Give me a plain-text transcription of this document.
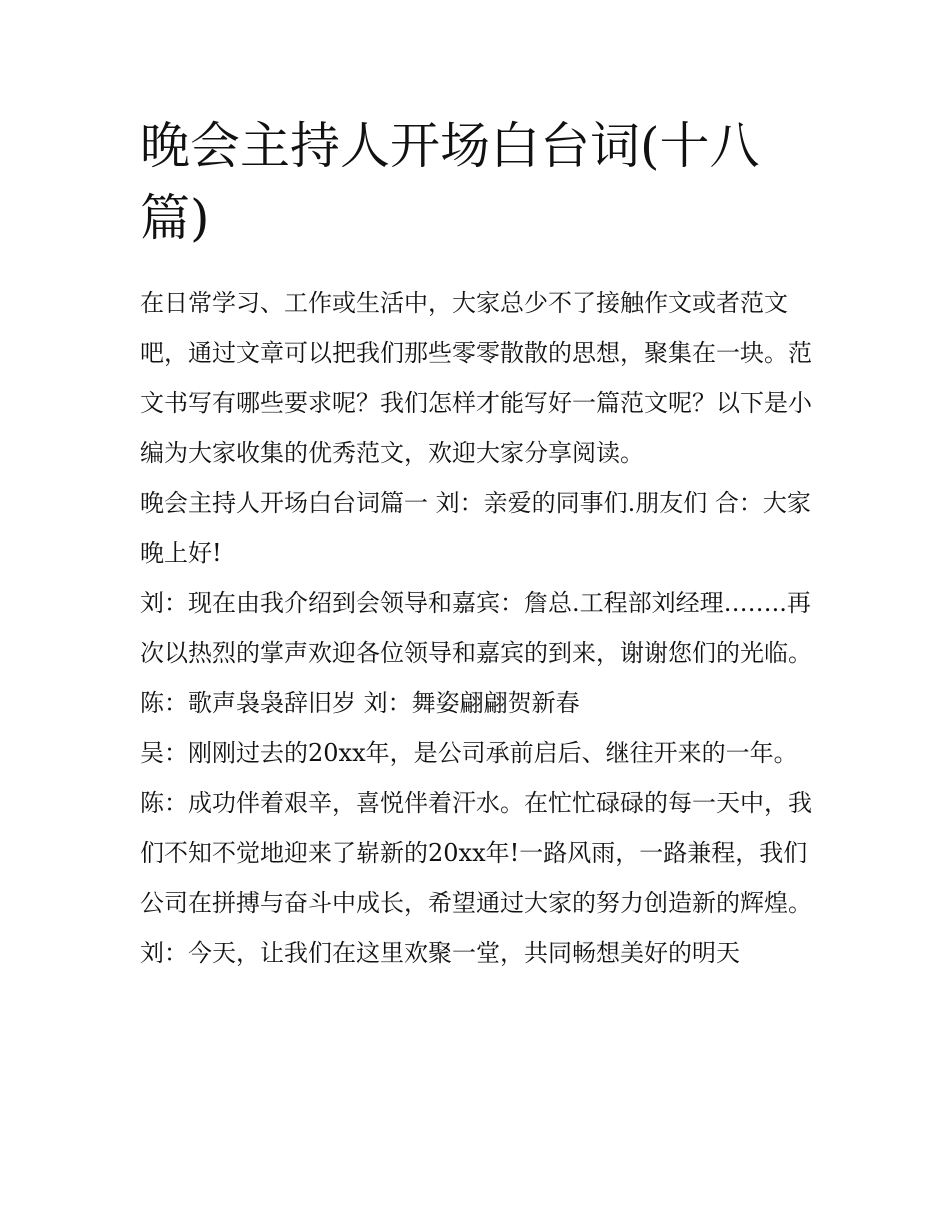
晚会主持人开场白台词(十八篇)

在日常学习、工作或生活中，大家总少不了接触作文或者范文吧，通过文章可以把我们那些零零散散的思想，聚集在一块。范文书写有哪些要求呢？我们怎样才能写好一篇范文呢？以下是小编为大家收集的优秀范文，欢迎大家分享阅读。

晚会主持人开场白台词篇一 刘：亲爱的同事们.朋友们 合：大家晚上好!

刘：现在由我介绍到会领导和嘉宾：詹总.工程部刘经理……..再次以热烈的掌声欢迎各位领导和嘉宾的到来，谢谢您们的光临。 陈：歌声袅袅辞旧岁 刘：舞姿翩翩贺新春

吴：刚刚过去的20xx年，是公司承前启后、继往开来的一年。

陈：成功伴着艰辛，喜悦伴着汗水。在忙忙碌碌的每一天中，我们不知不觉地迎来了崭新的20xx年!一路风雨，一路兼程，我们公司在拼搏与奋斗中成长，希望通过大家的努力创造新的辉煌。

刘：今天，让我们在这里欢聚一堂，共同畅想美好的明天
